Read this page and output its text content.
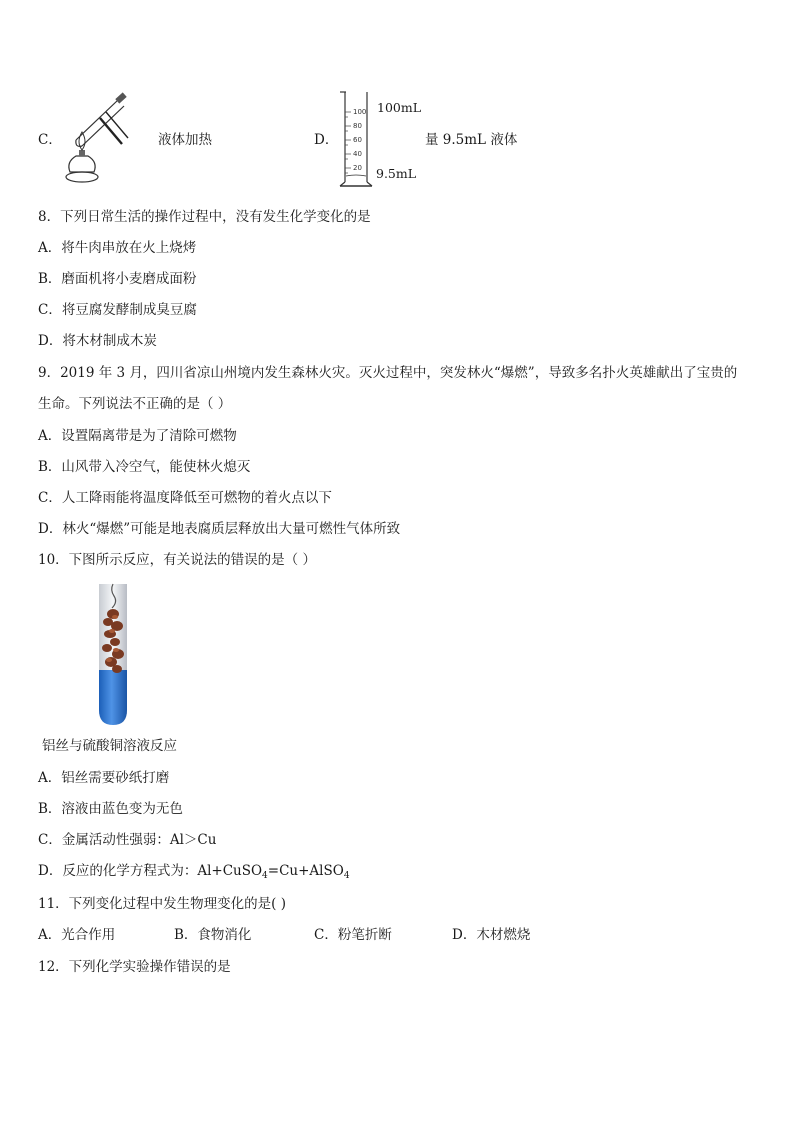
C．	液体加热	D．
100
80
60
40
20
100mL
9.5mL
量 9.5mL 液体
8．下列日常生活的操作过程中，没有发生化学变化的是
A．将牛肉串放在火上烧烤
B．磨面机将小麦磨成面粉
C．将豆腐发酵制成臭豆腐
D．将木材制成木炭
9．2019 年 3 月，四川省凉山州境内发生森林火灾。灭火过程中，突发林火“爆燃”，导致多名扑火英雄献出了宝贵的
生命。下列说法不正确的是（ ）
A．设置隔离带是为了清除可燃物
B．山风带入冷空气，能使林火熄灭
C．人工降雨能将温度降低至可燃物的着火点以下
D．林火“爆燃”可能是地表腐质层释放出大量可燃性气体所致
10．下图所示反应，有关说法的错误的是（ ）
铝丝与硫酸铜溶液反应
A．铝丝需要砂纸打磨
B．溶液由蓝色变为无色
C．金属活动性强弱：Al＞Cu
D．反应的化学方程式为：Al+CuSO$_4$=Cu+AlSO$_4$
11．下列变化过程中发生物理变化的是( )
A．光合作用	B．食物消化	C．粉笔折断	D．木材燃烧
12．下列化学实验操作错误的是
